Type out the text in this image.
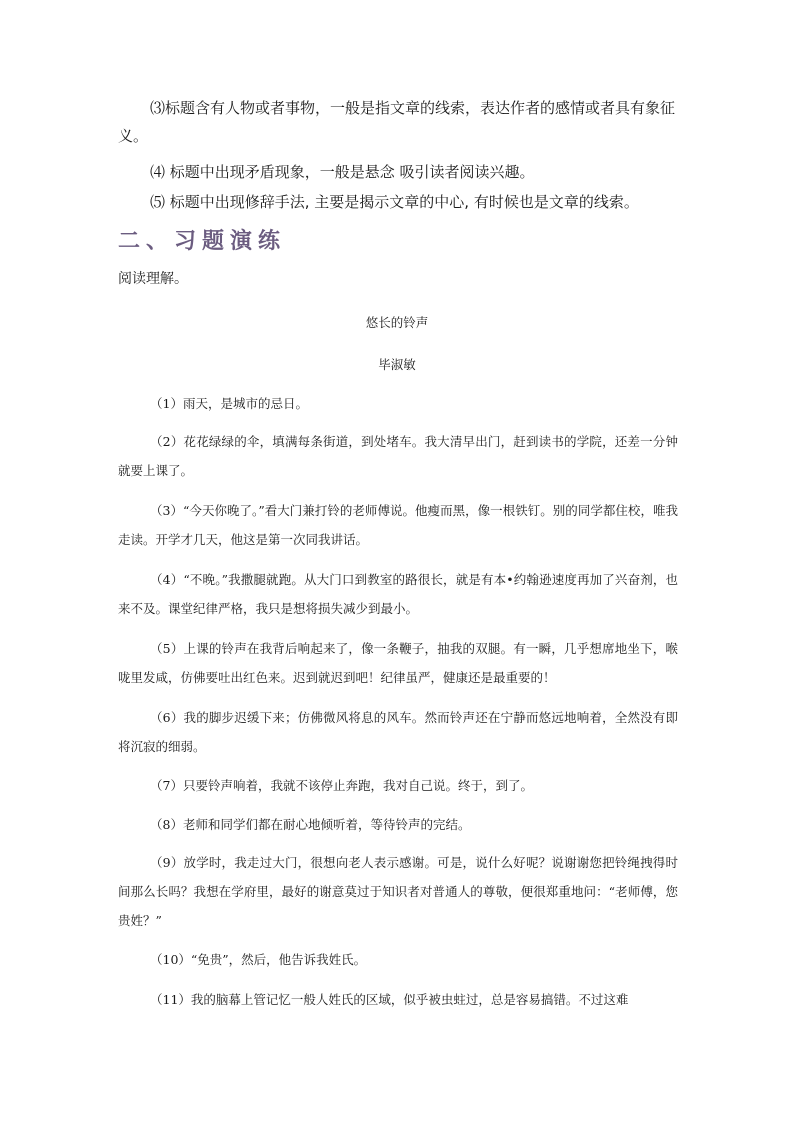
⑶标题含有人物或者事物，一般是指文章的线索，表达作者的感情或者具有象征义。

⑷ 标题中出现矛盾现象，一般是悬念 吸引读者阅读兴趣。

⑸ 标题中出现修辞手法, 主要是揭示文章的中心, 有时候也是文章的线索。

二、习题演练
阅读理解。
悠长的铃声
毕淑敏

（1）雨天，是城市的忌日。

（2）花花绿绿的伞，填满每条街道，到处堵车。我大清早出门，赶到读书的学院，还差一分钟就要上课了。

（3）“今天你晚了。”看大门兼打铃的老师傅说。他瘦而黑，像一根铁钉。别的同学都住校，唯我走读。开学才几天，他这是第一次同我讲话。

（4）“不晚。”我撒腿就跑。从大门口到教室的路很长，就是有本•约翰逊速度再加了兴奋剂，也来不及。课堂纪律严格，我只是想将损失减少到最小。

（5）上课的铃声在我背后响起来了，像一条鞭子，抽我的双腿。有一瞬，几乎想席地坐下，喉咙里发咸，仿佛要吐出红色来。迟到就迟到吧！纪律虽严，健康还是最重要的！

（6）我的脚步迟缓下来；仿佛微风将息的风车。然而铃声还在宁静而悠远地响着，全然没有即将沉寂的细弱。

（7）只要铃声响着，我就不该停止奔跑，我对自己说。终于，到了。

（8）老师和同学们都在耐心地倾听着，等待铃声的完结。

（9）放学时，我走过大门，很想向老人表示感谢。可是，说什么好呢？说谢谢您把铃绳拽得时间那么长吗？我想在学府里，最好的谢意莫过于知识者对普通人的尊敬，便很郑重地问：“老师傅，您贵姓？”

（10）“免贵”，然后，他告诉我姓氏。

（11）我的脑幕上管记忆一般人姓氏的区域，似乎被虫蛀过，总是容易搞错。不过这难
